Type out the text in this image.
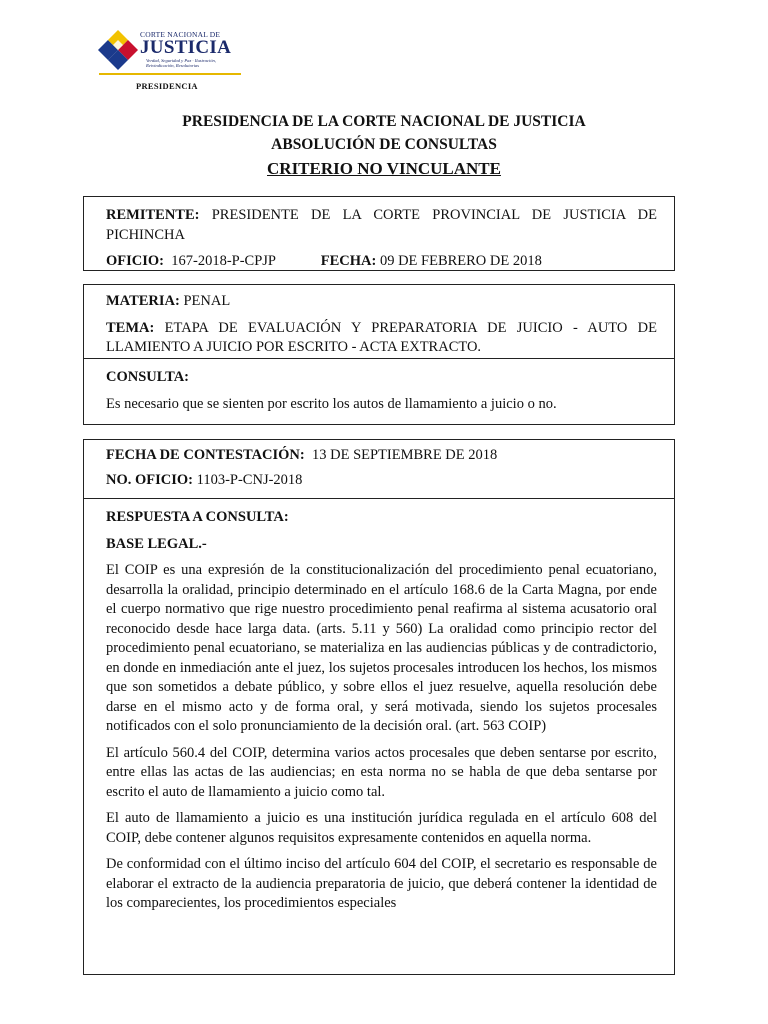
CORTE NACIONAL DE
JUSTICIA
Verdad, Seguridad y Paz · Ilustración, Reivindicación, Resolutorias
PRESIDENCIA
PRESIDENCIA DE LA CORTE NACIONAL DE JUSTICIA
ABSOLUCIÓN DE CONSULTAS
CRITERIO NO VINCULANTE

REMITENTE: PRESIDENTE DE LA CORTE PROVINCIAL DE JUSTICIA DE PICHINCHA

OFICIO: 167-2018-P-CPJP	FECHA: 09 DE FEBRERO DE 2018

MATERIA: PENAL

TEMA: ETAPA DE EVALUACIÓN Y PREPARATORIA DE JUICIO - AUTO DE LLAMIENTO A JUICIO POR ESCRITO - ACTA EXTRACTO.

CONSULTA:

Es necesario que se sienten por escrito los autos de llamamiento a juicio o no.

FECHA DE CONTESTACIÓN: 13 DE SEPTIEMBRE DE 2018

NO. OFICIO: 1103-P-CNJ-2018

RESPUESTA A CONSULTA:

BASE LEGAL.-

El COIP es una expresión de la constitucionalización del procedimiento penal ecuatoriano, desarrolla la oralidad, principio determinado en el artículo 168.6 de la Carta Magna, por ende el cuerpo normativo que rige nuestro procedimiento penal reafirma al sistema acusatorio oral reconocido desde hace larga data. (arts. 5.11 y 560) La oralidad como principio rector del procedimiento penal ecuatoriano, se materializa en las audiencias públicas y de contradictorio, en donde en inmediación ante el juez, los sujetos procesales introducen los hechos, los mismos que son sometidos a debate público, y sobre ellos el juez resuelve, aquella resolución debe darse en el mismo acto y de forma oral, y será motivada, siendo los sujetos procesales notificados con el solo pronunciamiento de la decisión oral. (art. 563 COIP)

El artículo 560.4 del COIP, determina varios actos procesales que deben sentarse por escrito, entre ellas las actas de las audiencias; en esta norma no se habla de que deba sentarse por escrito el auto de llamamiento a juicio como tal.

El auto de llamamiento a juicio es una institución jurídica regulada en el artículo 608 del COIP, debe contener algunos requisitos expresamente contenidos en aquella norma.

De conformidad con el último inciso del artículo 604 del COIP, el secretario es responsable de elaborar el extracto de la audiencia preparatoria de juicio, que deberá contener la identidad de los comparecientes, los procedimientos especiales
